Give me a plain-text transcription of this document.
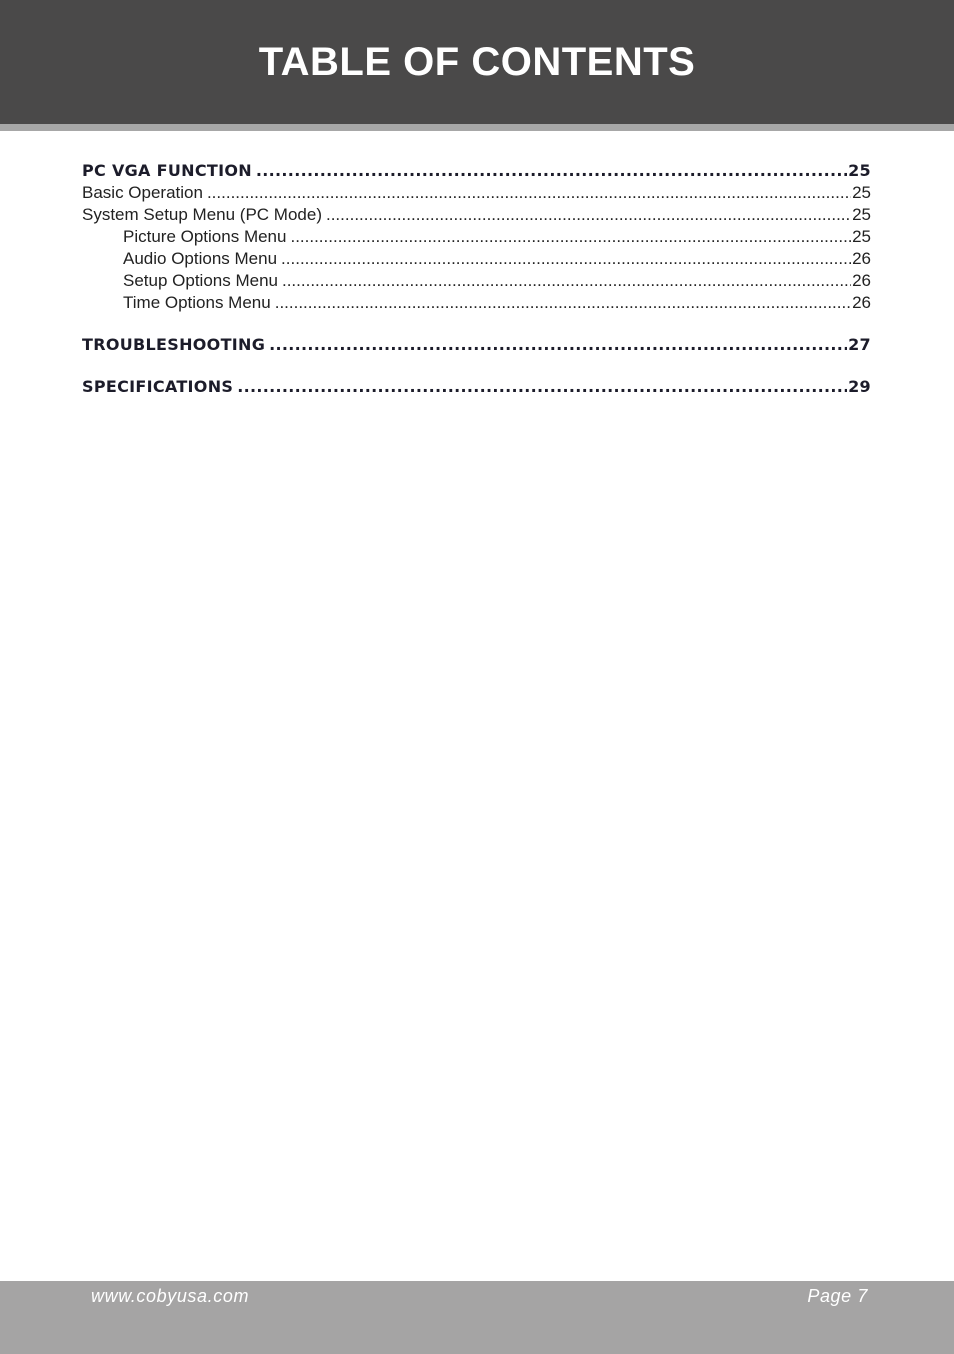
TABLE OF CONTENTS
PC VGA FUNCTION .....	25
Basic Operation .....	25
System Setup Menu (PC Mode) .....	25
Picture Options Menu .....	25
Audio Options Menu .....	26
Setup Options Menu .....	26
Time Options Menu .....	26
TROUBLESHOOTING .....	27
SPECIFICATIONS .....	29
www.cobyusa.com	Page 7
